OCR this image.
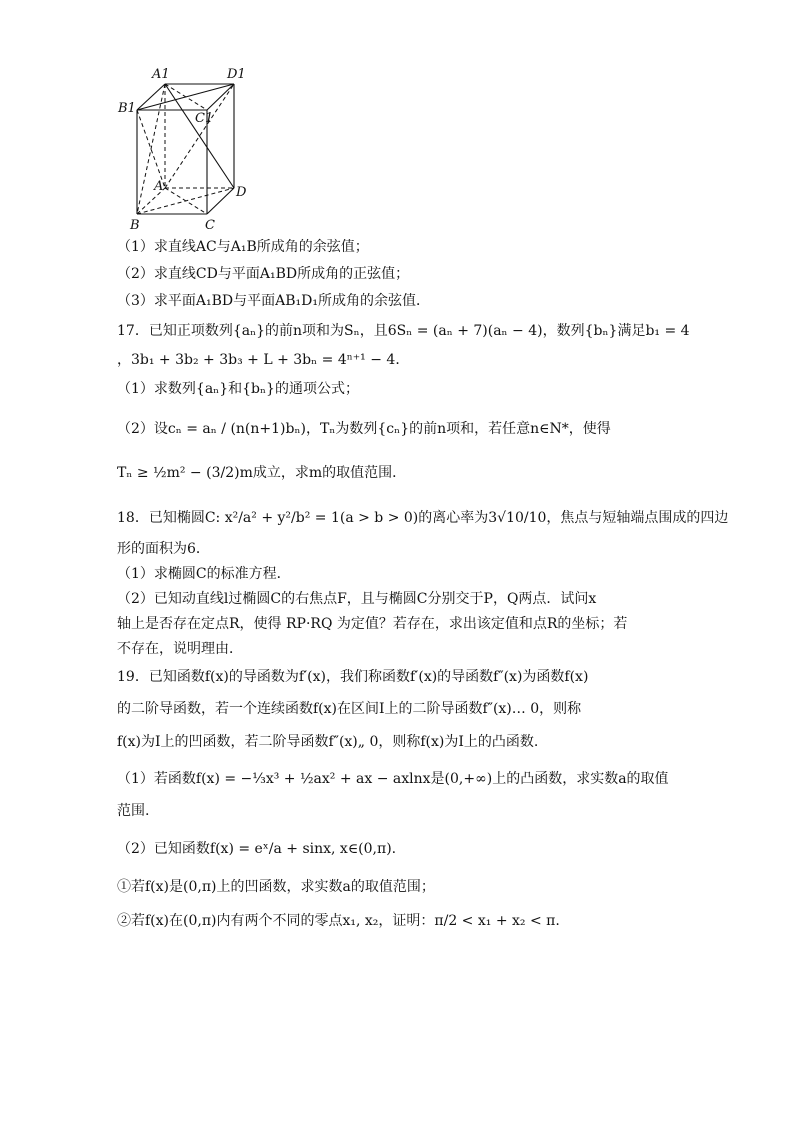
A1	D1
B1
C1
A	D
B	C
（1）求直线AC与A₁B所成角的余弦值；
（2）求直线CD与平面A₁BD所成角的正弦值；
（3）求平面A₁BD与平面AB₁D₁所成角的余弦值．
17．已知正项数列{aₙ}的前n项和为Sₙ，且6Sₙ = (aₙ + 7)(aₙ − 4)，数列{bₙ}满足b₁ = 4
，3b₁ + 3b₂ + 3b₃ + L + 3bₙ = 4ⁿ⁺¹ − 4．
（1）求数列{aₙ}和{bₙ}的通项公式；
（2）设cₙ = aₙ / (n(n+1)bₙ)，Tₙ为数列{cₙ}的前n项和，若任意n∈N*，使得
Tₙ ≥ ½m² − (3/2)m成立，求m的取值范围．
18．已知椭圆C: x²/a² + y²/b² = 1(a > b > 0)的离心率为3√10/10，焦点与短轴端点围成的四边
形的面积为6．
（1）求椭圆C的标准方程．
（2）已知动直线l过椭圆C的右焦点F，且与椭圆C分别交于P，Q两点．试问x
轴上是否存在定点R，使得 RP·RQ 为定值？若存在，求出该定值和点R的坐标；若
不存在，说明理由．
19．已知函数f(x)的导函数为f′(x)，我们称函数f′(x)的导函数f″(x)为函数f(x)
的二阶导函数，若一个连续函数f(x)在区间I上的二阶导函数f″(x)… 0，则称
f(x)为I上的凹函数，若二阶导函数f″(x)„ 0，则称f(x)为I上的凸函数.
（1）若函数f(x) = −⅓x³ + ½ax² + ax − axlnx是(0,+∞)上的凸函数，求实数a的取值
范围.
（2）已知函数f(x) = eˣ/a + sinx, x∈(0,π).
①若f(x)是(0,π)上的凹函数，求实数a的取值范围；
②若f(x)在(0,π)内有两个不同的零点x₁, x₂，证明：π/2 < x₁ + x₂ < π.
